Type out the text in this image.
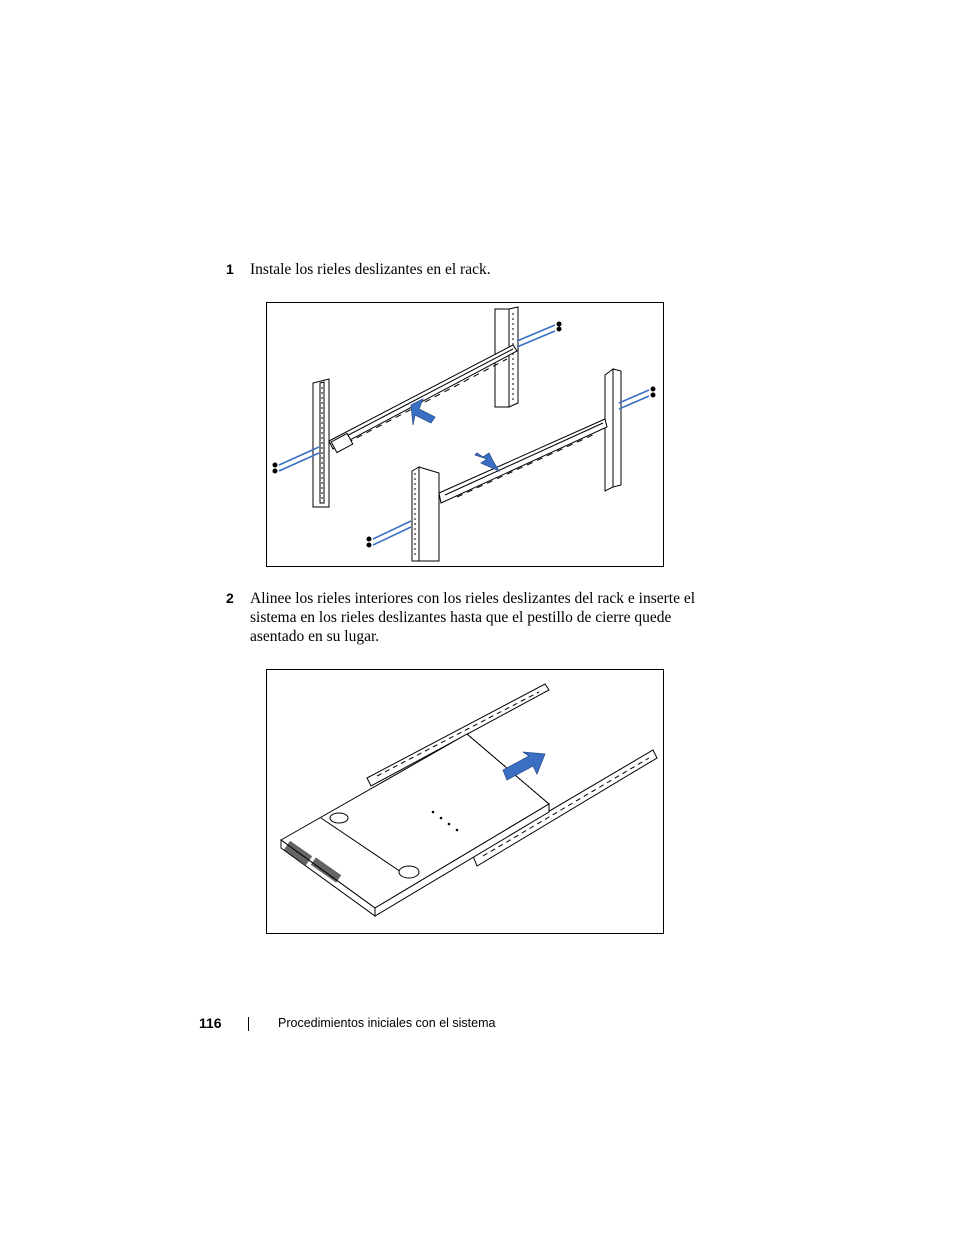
1 Instale los rieles deslizantes en el rack.
2 Alinee los rieles interiores con los rieles deslizantes del rack e inserte el sistema en los rieles deslizantes hasta que el pestillo de cierre quede asentado en su lugar.
116	Procedimientos iniciales con el sistema
